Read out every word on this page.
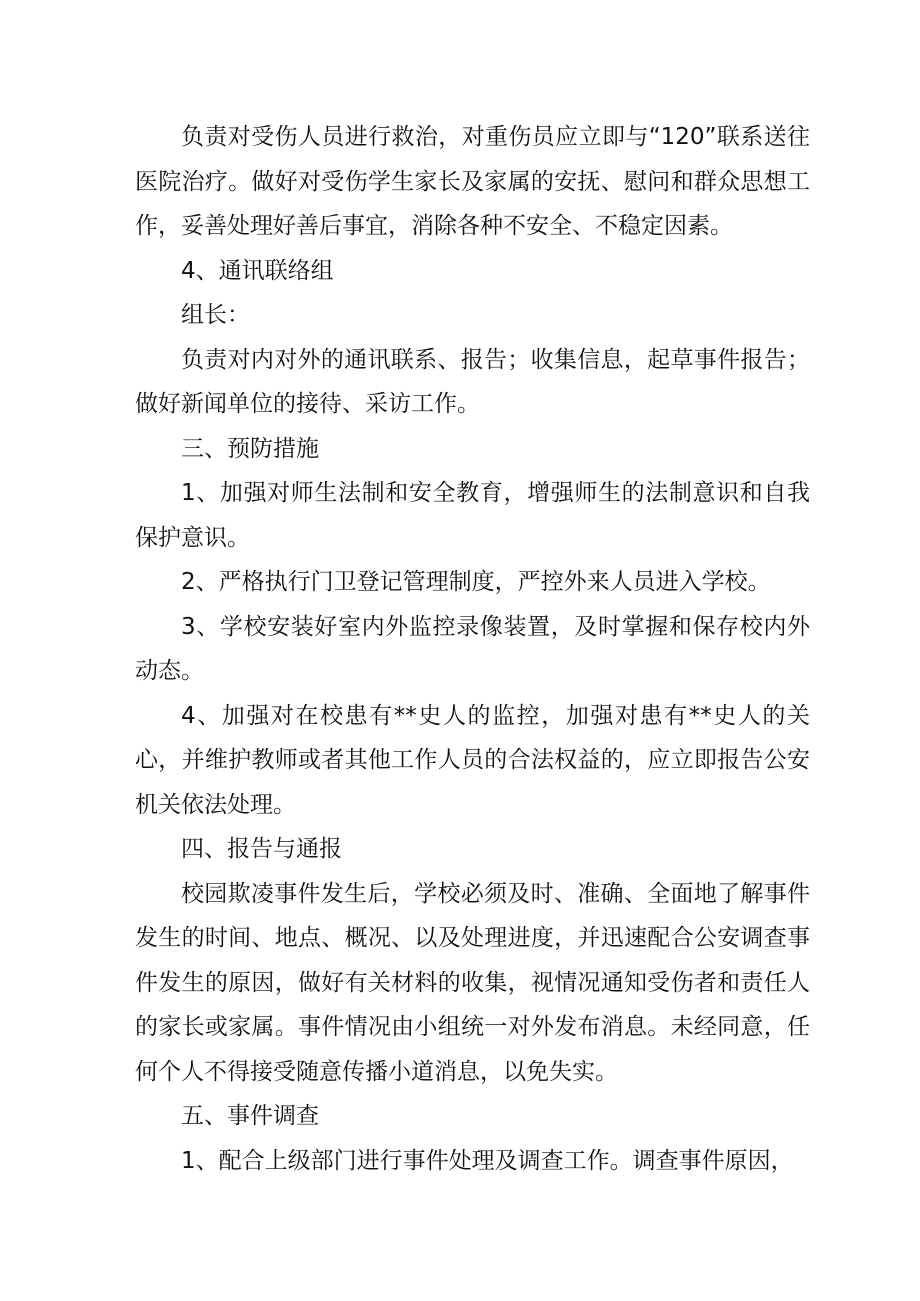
负责对受伤人员进行救治，对重伤员应立即与“120”联系送往医院治疗。做好对受伤学生家长及家属的安抚、慰问和群众思想工作，妥善处理好善后事宜，消除各种不安全、不稳定因素。

4、通讯联络组

组长：

负责对内对外的通讯联系、报告；收集信息，起草事件报告；做好新闻单位的接待、采访工作。

三、预防措施

1、加强对师生法制和安全教育，增强师生的法制意识和自我保护意识。

2、严格执行门卫登记管理制度，严控外来人员进入学校。

3、学校安装好室内外监控录像装置，及时掌握和保存校内外动态。

4、加强对在校患有**史人的监控，加强对患有**史人的关心，并维护教师或者其他工作人员的合法权益的，应立即报告公安机关依法处理。

四、报告与通报

校园欺凌事件发生后，学校必须及时、准确、全面地了解事件发生的时间、地点、概况、以及处理进度，并迅速配合公安调查事件发生的原因，做好有关材料的收集，视情况通知受伤者和责任人的家长或家属。事件情况由小组统一对外发布消息。未经同意，任何个人不得接受随意传播小道消息，以免失实。

五、事件调查

1、配合上级部门进行事件处理及调查工作。调查事件原因，
